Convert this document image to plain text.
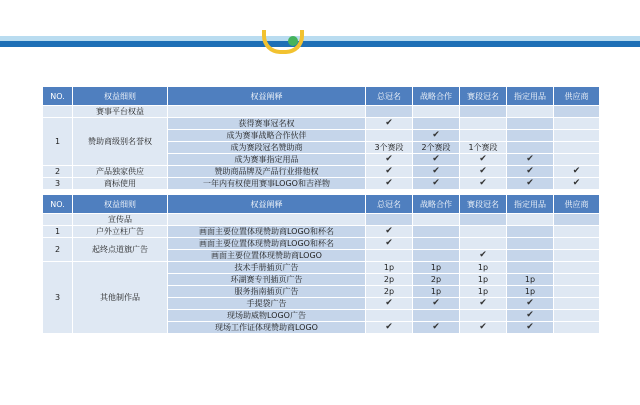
NO.	权益细则	权益阐释	总冠名	战略合作	赛段冠名	指定用品	供应商
	赛事平台权益						
1	赞助商级别名誉权	获得赛事冠名权	✔				
		成为赛事战略合作伙伴		✔			
		成为赛段冠名赞助商	3个赛段	2个赛段	1个赛段		
		成为赛事指定用品	✔	✔	✔	✔	
2	产品独家供应	赞助商品牌及产品行业排他权	✔	✔	✔	✔	✔
3	商标使用	一年内有权使用赛事LOGO和吉祥物	✔	✔	✔	✔	✔

NO.	权益细则	权益阐释	总冠名	战略合作	赛段冠名	指定用品	供应商
	宣传品						
1	户外立柱广告	画面主要位置体现赞助商LOGO和杯名	✔				
2	起终点道旗广告	画面主要位置体现赞助商LOGO和杯名	✔				
		画面主要位置体现赞助商LOGO			✔		
3	其他制作品	技术手册插页广告	1p	1p	1p		
		环湖赛专刊插页广告	2p	2p	1p	1p	
		服务指南插页广告	2p	1p	1p	1p	
		手提袋广告	✔	✔	✔	✔	
		现场助威物LOGO广告				✔	
		现场工作证体现赞助商LOGO	✔	✔	✔	✔	
